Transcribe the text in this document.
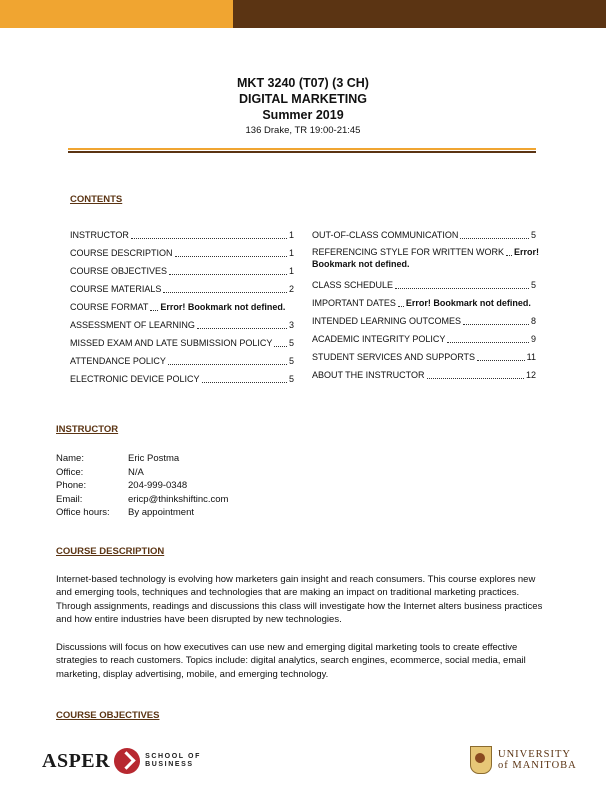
MKT 3240 (T07) (3 CH)
DIGITAL MARKETING
Summer 2019
136 Drake, TR 19:00-21:45
CONTENTS
INSTRUCTOR	1
COURSE DESCRIPTION	1
COURSE OBJECTIVES	1
COURSE MATERIALS	2
COURSE FORMAT Error! Bookmark not defined.
ASSESSMENT OF LEARNING	3
MISSED EXAM AND LATE SUBMISSION POLICY 5
ATTENDANCE POLICY	5
ELECTRONIC DEVICE POLICY	5
OUT-OF-CLASS COMMUNICATION	5
REFERENCING STYLE FOR WRITTEN WORK Error!
Bookmark not defined.
CLASS SCHEDULE	5
IMPORTANT DATES Error! Bookmark not defined.
INTENDED LEARNING OUTCOMES	8
ACADEMIC INTEGRITY POLICY	9
STUDENT SERVICES AND SUPPORTS	11
ABOUT THE INSTRUCTOR	12
INSTRUCTOR
Name:	Eric Postma
Office:	N/A
Phone:	204-999-0348
Email:	ericp@thinkshiftinc.com
Office hours:	By appointment
COURSE DESCRIPTION

Internet-based technology is evolving how marketers gain insight and reach consumers. This course explores new and emerging tools, techniques and technologies that are making an impact on traditional marketing practices. Through assignments, readings and discussions this class will investigate how the Internet alters business practices and how entire industries have been disrupted by new technologies.

Discussions will focus on how executives can use new and emerging digital marketing tools to create effective strategies to reach customers. Topics include: digital analytics, search engines, ecommerce, social media, email marketing, display advertising, mobile, and emerging technology.

COURSE OBJECTIVES
ASPER	SCHOOL OF
BUSINESS
UNIVERSITY
of MANITOBA
